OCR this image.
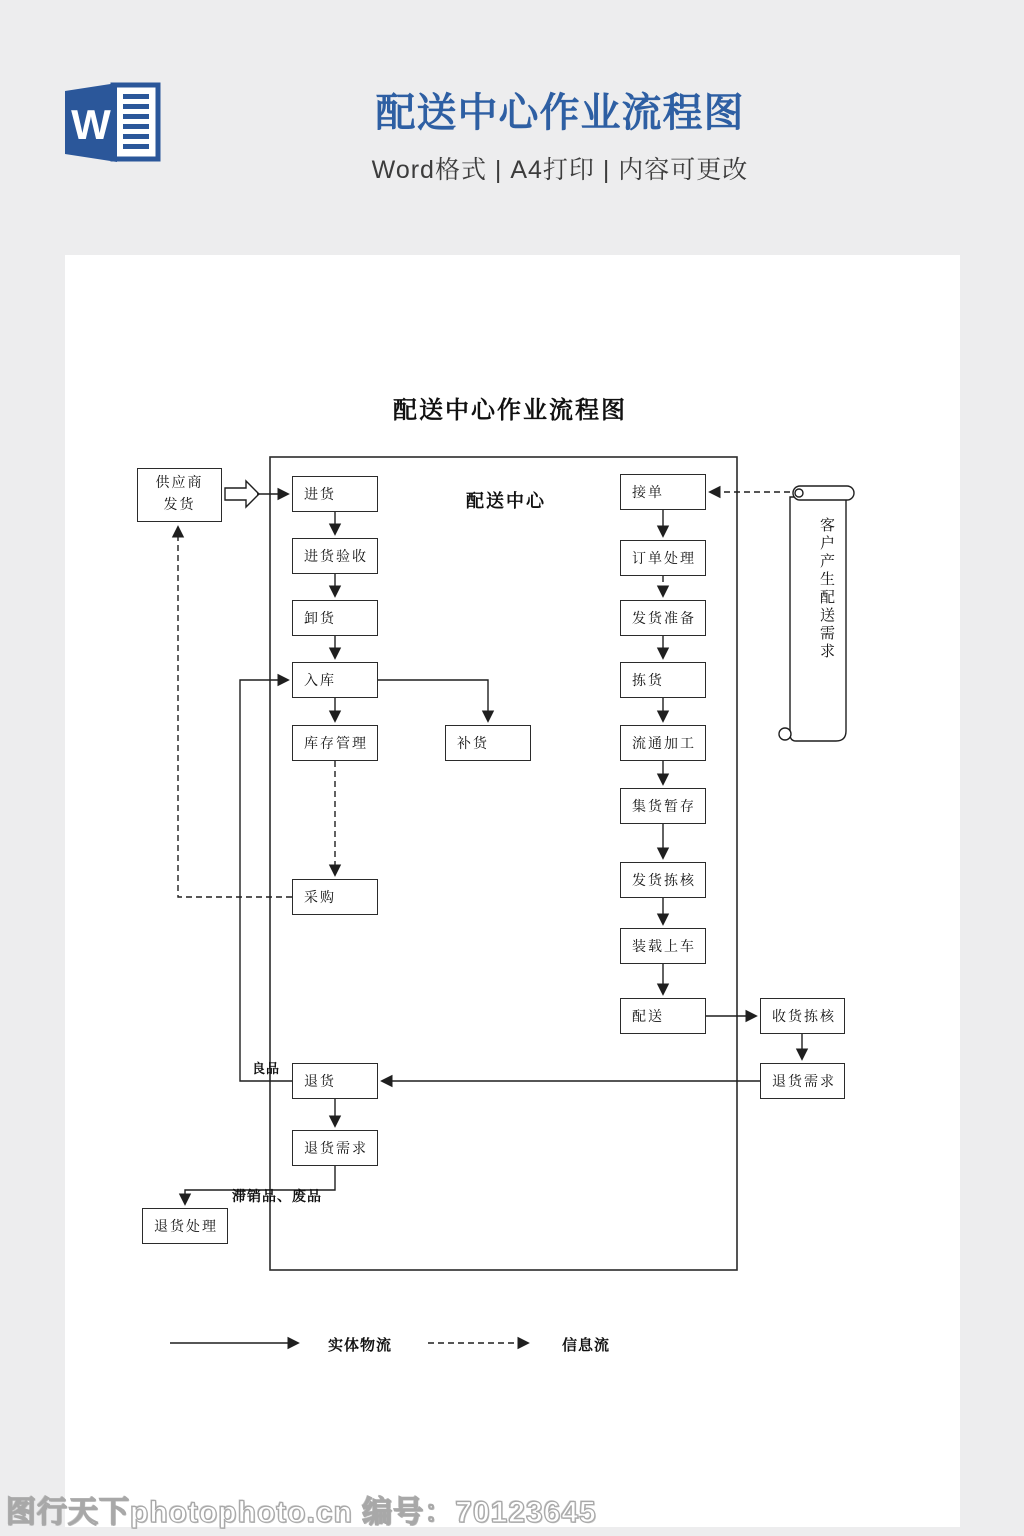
W	配送中心作业流程图
Word格式 | A4打印 | 内容可更改
配送中心作业流程图
配送中心
供应商
发货
进货
进货验收
卸货
入库
库存管理	补货
采购
退货
退货需求
退货处理
接单
订单处理
发货准备
拣货
流通加工
集货暂存
发货拣核
装载上车
配送	收货拣核
退货需求
良品
滞销品、废品
客户产生配送需求
实体物流	信息流
图行天下photophoto.cn 编号：70123645
